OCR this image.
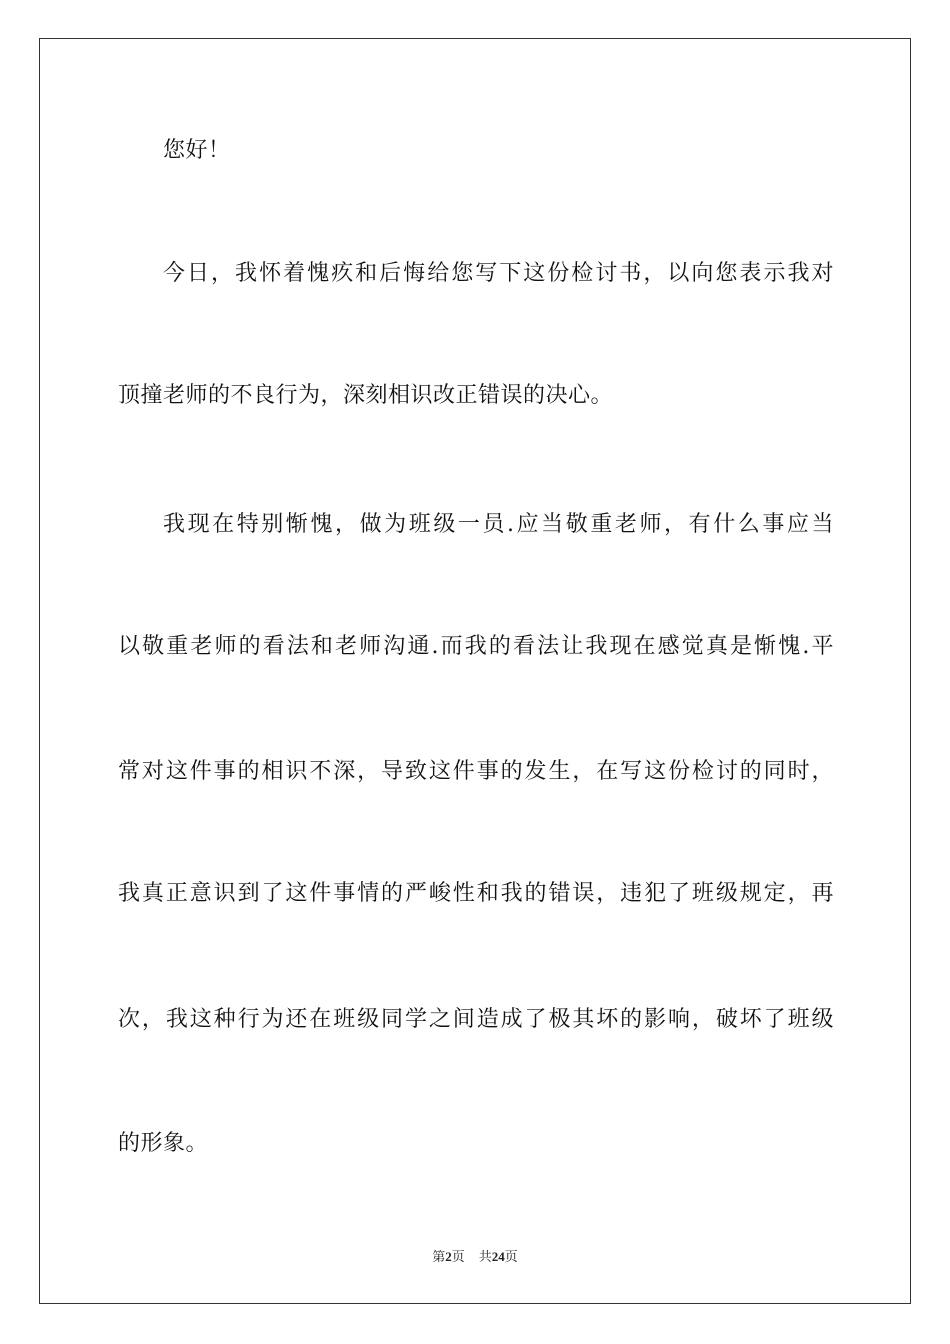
您好！
今日，我怀着愧疚和后悔给您写下这份检讨书，以向您表示我对
顶撞老师的不良行为，深刻相识改正错误的决心。
我现在特别惭愧，做为班级一员.应当敬重老师，有什么事应当
以敬重老师的看法和老师沟通.而我的看法让我现在感觉真是惭愧.平
常对这件事的相识不深，导致这件事的发生，在写这份检讨的同时，
我真正意识到了这件事情的严峻性和我的错误，违犯了班级规定，再
次，我这种行为还在班级同学之间造成了极其坏的影响，破坏了班级
的形象。
第2页 共24页
